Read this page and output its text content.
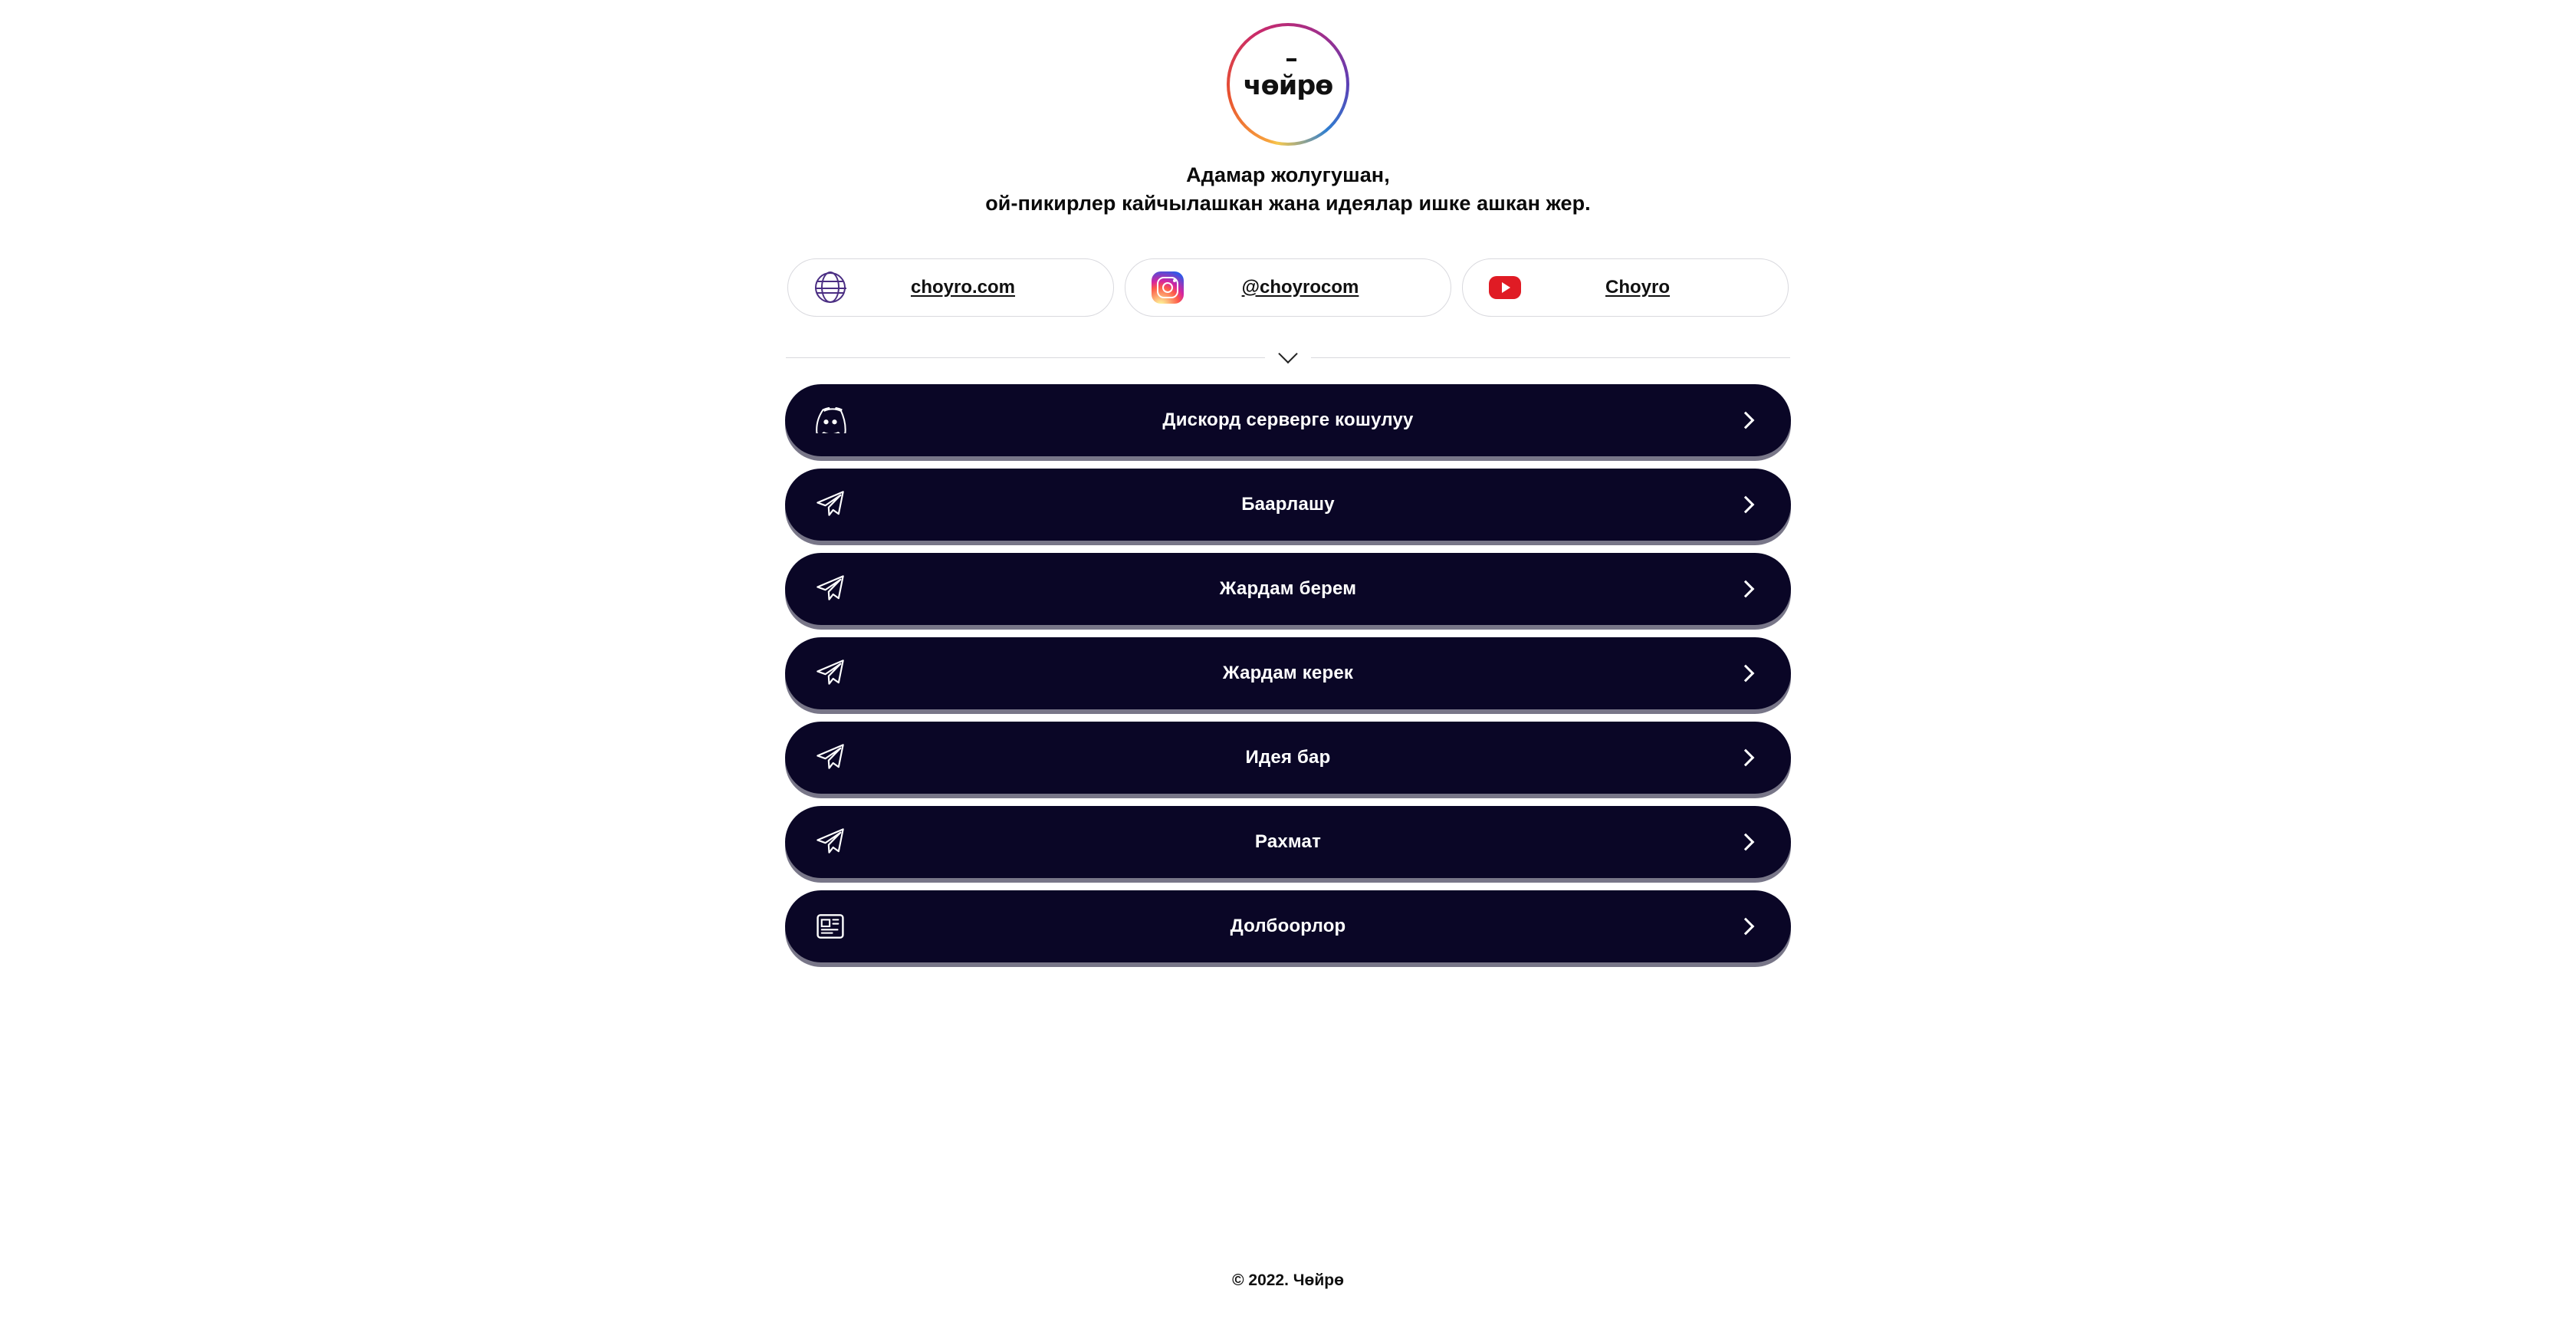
чөйрө
Адамар жолугушан,
ой-пикирлер кайчылашкан жана идеялар ишке ашкан жер.
choyro.com	@choyrocom	Choyro
Дискорд серверге кошулуу
Баарлашу
Жардам берем
Жардам керек
Идея бар
Рахмат
Долбоорлор
© 2022. Чөйрө
